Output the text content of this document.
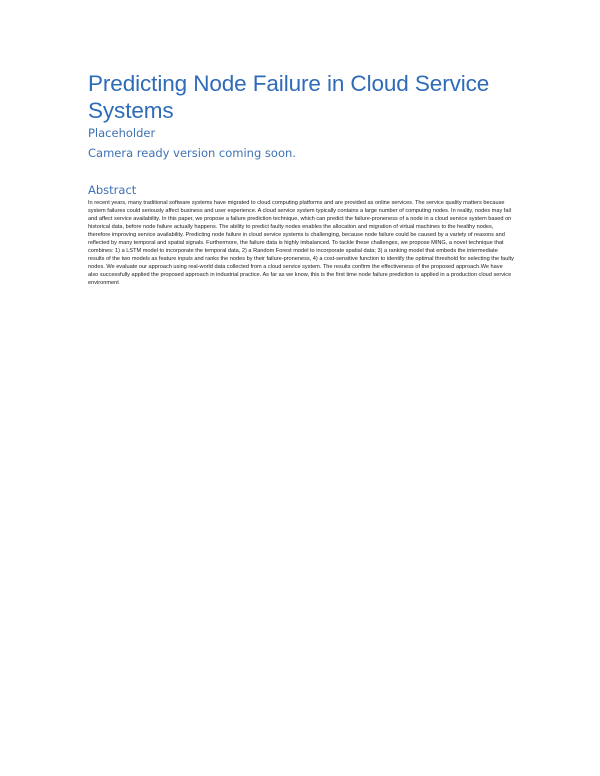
Predicting Node Failure in Cloud Service Systems

Placeholder

Camera ready version coming soon.

Abstract

In recent years, many traditional software systems have migrated to cloud computing platforms and are provided as online services. The service quality matters because system failures could seriously affect business and user experience. A cloud service system typically contains a large number of computing nodes. In reality, nodes may fail and affect service availability. In this paper, we propose a failure prediction technique, which can predict the failure-proneness of a node in a cloud service system based on historical data, before node failure actually happens. The ability to predict faulty nodes enables the allocation and migration of virtual machines to the healthy nodes, therefore improving service availability. Predicting node failure in cloud service systems is challenging, because node failure could be caused by a variety of reasons and reflected by many temporal and spatial signals. Furthermore, the failure data is highly imbalanced. To tackle these challenges, we propose MING, a novel technique that combines: 1) a LSTM model to incorporate the temporal data, 2) a Random Forest model to incorporate spatial data; 3) a ranking model that embeds the intermediate results of the two models as feature inputs and ranks the nodes by their failure-proneness, 4) a cost-sensitive function to identify the optimal threshold for selecting the faulty nodes. We evaluate our approach using real-world data collected from a cloud service system. The results confirm the effectiveness of the proposed approach.We have also successfully applied the proposed approach in industrial practice. As far as we know, this is the first time node failure prediction is applied in a production cloud service environment
